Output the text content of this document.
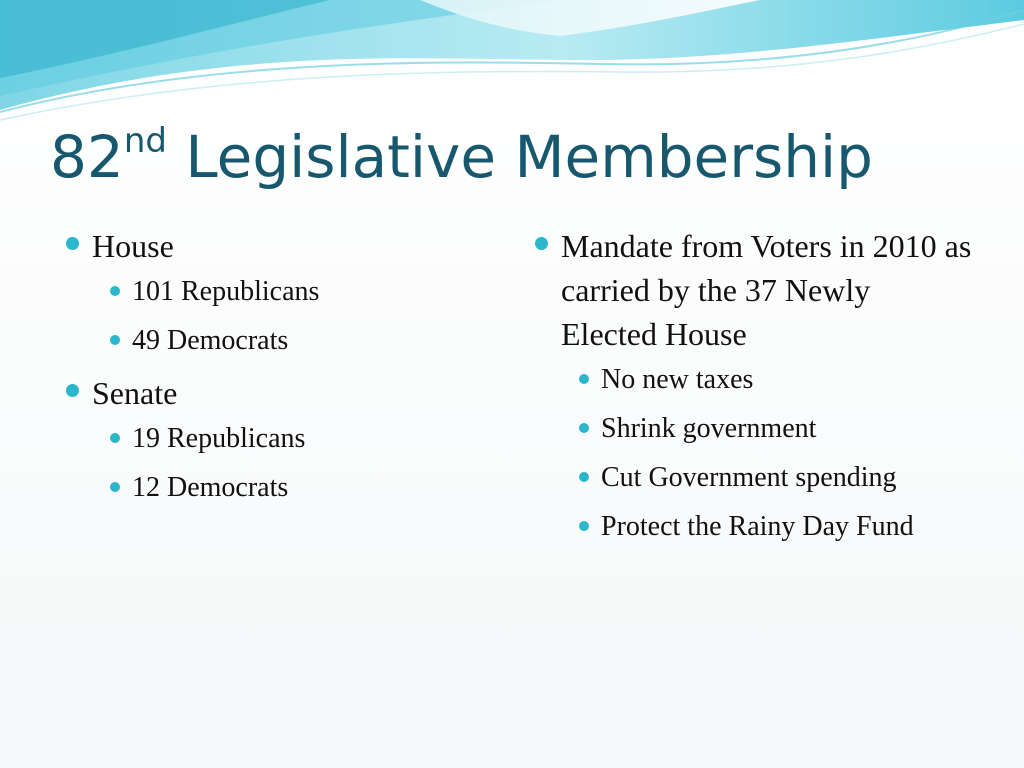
82nd Legislative Membership
House
101 Republicans
49 Democrats
Senate
19 Republicans
12 Democrats
Mandate from Voters in 2010 as carried by the 37 Newly Elected House
No new taxes
Shrink government
Cut Government spending
Protect the Rainy Day Fund
